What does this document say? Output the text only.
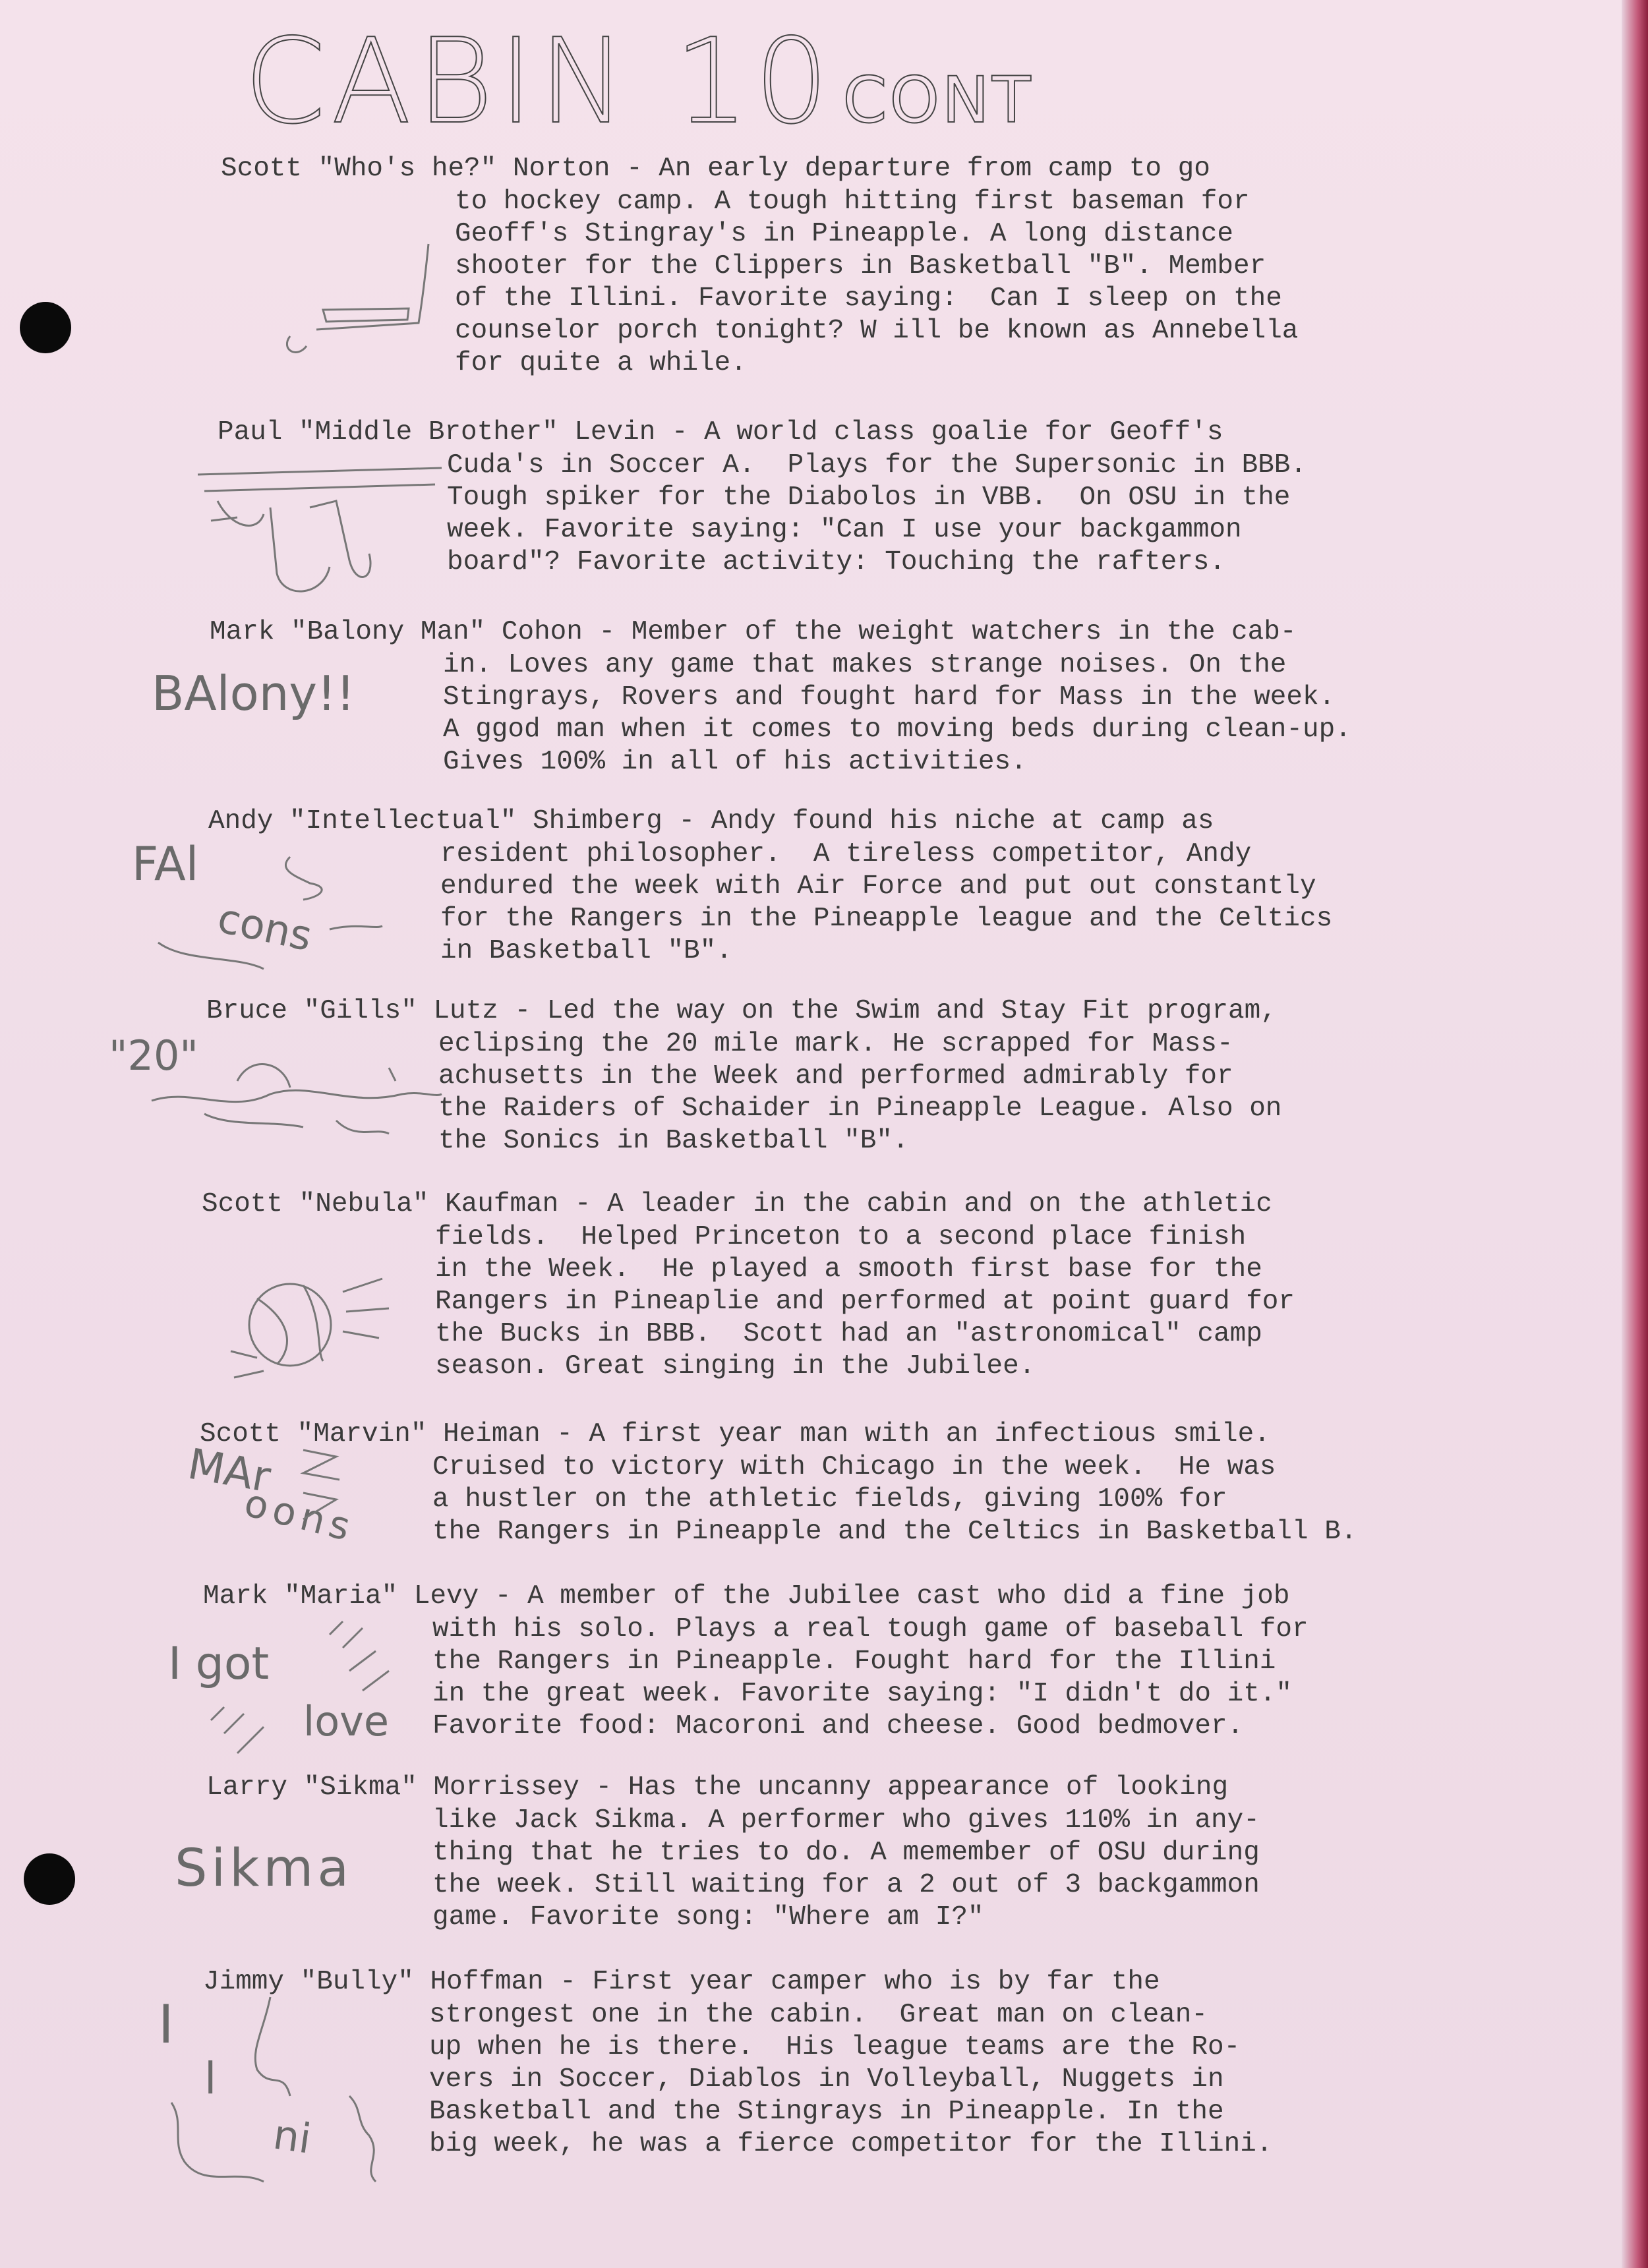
CABIN 10 CONT
Scott "Who's he?" Norton - An early departure from camp to go
to hockey camp. A tough hitting first baseman for
Geoff's Stingray's in Pineapple. A long distance
shooter for the Clippers in Basketball "B". Member
of the Illini. Favorite saying:  Can I sleep on the
counselor porch tonight? W ill be known as Annebella
for quite a while.
Paul "Middle Brother" Levin - A world class goalie for Geoff's
Cuda's in Soccer A.  Plays for the Supersonic in BBB.
Tough spiker for the Diabolos in VBB.  On OSU in the
week. Favorite saying: "Can I use your backgammon
board"? Favorite activity: Touching the rafters.
Mark "Balony Man" Cohon - Member of the weight watchers in the cab-
in. Loves any game that makes strange noises. On the
Stingrays, Rovers and fought hard for Mass in the week.
A ggod man when it comes to moving beds during clean-up.
Gives 100% in all of his activities.
Andy "Intellectual" Shimberg - Andy found his niche at camp as
resident philosopher.  A tireless competitor, Andy
endured the week with Air Force and put out constantly
for the Rangers in the Pineapple league and the Celtics
in Basketball "B".
Bruce "Gills" Lutz - Led the way on the Swim and Stay Fit program,
eclipsing the 20 mile mark. He scrapped for Mass-
achusetts in the Week and performed admirably for
the Raiders of Schaider in Pineapple League. Also on
the Sonics in Basketball "B".
Scott "Nebula" Kaufman - A leader in the cabin and on the athletic
fields.  Helped Princeton to a second place finish
in the Week.  He played a smooth first base for the
Rangers in Pineaplie and performed at point guard for
the Bucks in BBB.  Scott had an "astronomical" camp
season. Great singing in the Jubilee.
Scott "Marvin" Heiman - A first year man with an infectious smile.
Cruised to victory with Chicago in the week.  He was
a hustler on the athletic fields, giving 100% for
the Rangers in Pineapple and the Celtics in Basketball B.
Mark "Maria" Levy - A member of the Jubilee cast who did a fine job
with his solo. Plays a real tough game of baseball for
the Rangers in Pineapple. Fought hard for the Illini
in the great week. Favorite saying: "I didn't do it."
Favorite food: Macoroni and cheese. Good bedmover.
Larry "Sikma" Morrissey - Has the uncanny appearance of looking
like Jack Sikma. A performer who gives 110% in any-
thing that he tries to do. A memember of OSU during
the week. Still waiting for a 2 out of 3 backgammon
game. Favorite song: "Where am I?"
Jimmy "Bully" Hoffman - First year camper who is by far the
strongest one in the cabin.  Great man on clean-
up when he is there.  His league teams are the Ro-
vers in Soccer, Diablos in Volleyball, Nuggets in
Basketball and the Stingrays in Pineapple. In the
big week, he was a fierce competitor for the Illini.
BAlony!!
FAl
cons
"20"
MAr
oons
I got
love
Sikma
I
l
ni
